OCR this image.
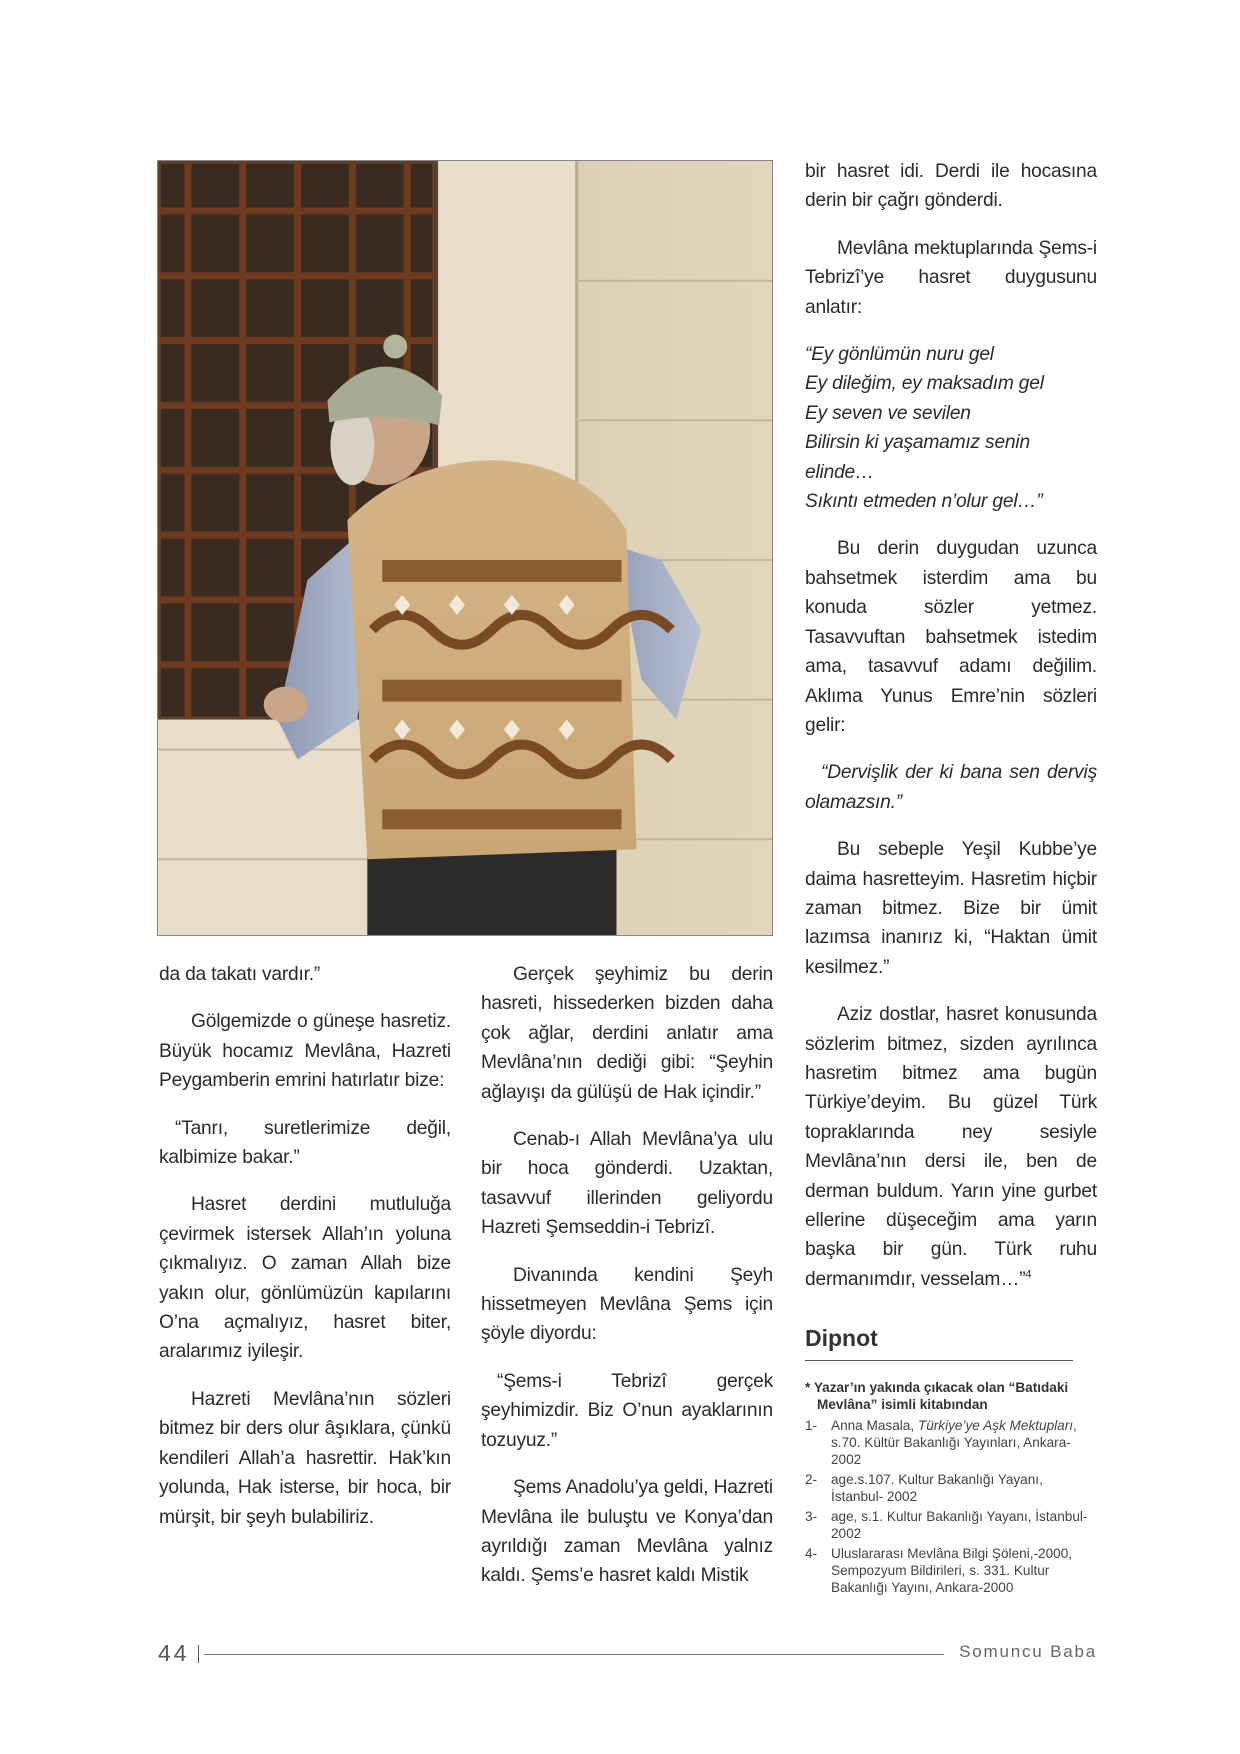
da da takatı vardır.”

Gölgemizde o güneşe hasretiz. Büyük hocamız Mevlâna, Hazreti Peygamberin emrini hatırlatır bize:

“Tanrı, suretlerimize değil, kalbimize bakar.”

Hasret derdini mutluluğa çevirmek istersek Allah’ın yoluna çıkmalıyız. O zaman Allah bize yakın olur, gönlümüzün kapılarını O’na açmalıyız, hasret biter, aralarımız iyileşir.

Hazreti Mevlâna’nın sözleri bitmez bir ders olur âşıklara, çünkü kendileri Allah’a hasrettir. Hak’kın yolunda, Hak isterse, bir hoca, bir mürşit, bir şeyh bulabiliriz.

Gerçek şeyhimiz bu derin hasreti, hissederken bizden daha çok ağlar, derdini anlatır ama Mevlâna’nın dediği gibi: “Şeyhin ağlayışı da gülüşü de Hak içindir.”

Cenab-ı Allah Mevlâna’ya ulu bir hoca gönderdi. Uzaktan, tasavvuf illerinden geliyordu Hazreti Şemseddin-i Tebrizî.

Divanında kendini Şeyh hissetmeyen Mevlâna Şems için şöyle diyordu:

“Şems-i Tebrizî gerçek şeyhimizdir. Biz O’nun ayaklarının tozuyuz.”

Şems Anadolu’ya geldi, Hazreti Mevlâna ile buluştu ve Konya’dan ayrıldığı zaman Mevlâna yalnız kaldı. Şems’e hasret kaldı Mistik

bir hasret idi. Derdi ile hocasına derin bir çağrı gönderdi.

Mevlâna mektuplarında Şems-i Tebrizî’ye hasret duygusunu anlatır:

“Ey gönlümün nuru gel
Ey dileğim, ey maksadım gel
Ey seven ve sevilen
Bilirsin ki yaşamamız senin elinde…
Sıkıntı etmeden n’olur gel…”

Bu derin duygudan uzunca bahsetmek isterdim ama bu konuda sözler yetmez. Tasavvuftan bahsetmek istedim ama, tasavvuf adamı değilim. Aklıma Yunus Emre’nin sözleri gelir:

“Dervişlik der ki bana sen derviş olamazsın.”

Bu sebeple Yeşil Kubbe’ye daima hasretteyim. Hasretim hiçbir zaman bitmez. Bize bir ümit lazımsa inanırız ki, “Haktan ümit kesilmez.”

Aziz dostlar, hasret konusunda sözlerim bitmez, sizden ayrılınca hasretim bitmez ama bugün Türkiye’deyim. Bu güzel Türk topraklarında ney sesiyle Mevlâna’nın dersi ile, ben de derman buldum. Yarın yine gurbet ellerine düşeceğim ama yarın başka bir gün. Türk ruhu dermanımdır, vesselam…”$^4$

Dipnot
* Yazar’ın yakında çıkacak olan “Batıdaki Mevlâna” isimli kitabından
1-	Anna Masala, Türkiye’ye Aşk Mektupları, s.70. Kültür Bakanlığı Yayınları, Ankara-2002
2-	age.s.107. Kultur Bakanlığı Yayanı, İstanbul- 2002
3-	age, s.1. Kultur Bakanlığı Yayanı, İstanbul- 2002
4-	Uluslararası Mevlâna Bilgi Şöleni,-2000, Sempozyum Bildirileri, s. 331. Kultur Bakanlığı Yayını, Ankara-2000
44	Somuncu Baba
